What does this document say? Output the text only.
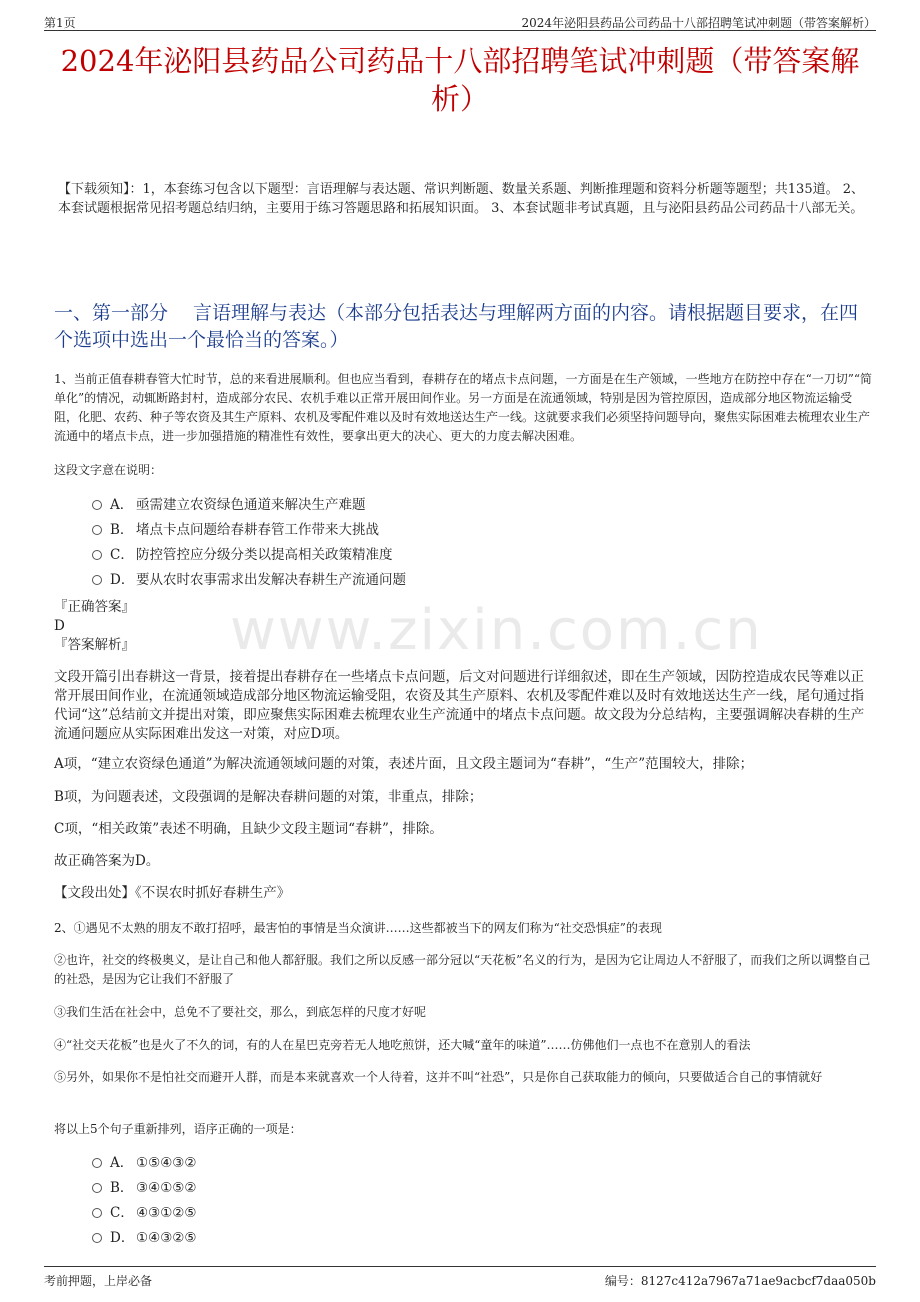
第1页	2024年泌阳县药品公司药品十八部招聘笔试冲刺题（带答案解析）
2024年泌阳县药品公司药品十八部招聘笔试冲刺题（带答案解析）

【下载须知】：1，本套练习包含以下题型：言语理解与表达题、常识判断题、数量关系题、判断推理题和资料分析题等题型；共135道。 2、本套试题根据常见招考题总结归纳，主要用于练习答题思路和拓展知识面。 3、本套试题非考试真题，且与泌阳县药品公司药品十八部无关。

一、第一部分　 言语理解与表达（本部分包括表达与理解两方面的内容。请根据题目要求，在四个选项中选出一个最恰当的答案。）

1、当前正值春耕春管大忙时节，总的来看进展顺利。但也应当看到，春耕存在的堵点卡点问题，一方面是在生产领域，一些地方在防控中存在“一刀切”“简单化”的情况，动辄断路封村，造成部分农民、农机手难以正常开展田间作业。另一方面是在流通领域，特别是因为管控原因，造成部分地区物流运输受阻，化肥、农药、种子等农资及其生产原料、农机及零配件难以及时有效地送达生产一线。这就要求我们必须坚持问题导向，聚焦实际困难去梳理农业生产流通中的堵点卡点，进一步加强措施的精准性有效性，要拿出更大的决心、更大的力度去解决困难。

这段文字意在说明：

A． 亟需建立农资绿色通道来解决生产难题
B． 堵点卡点问题给春耕春管工作带来大挑战
C． 防控管控应分级分类以提高相关政策精准度
D． 要从农时农事需求出发解决春耕生产流通问题

『正确答案』

D

『答案解析』 www.zixin.com.cn

文段开篇引出春耕这一背景，接着提出春耕存在一些堵点卡点问题，后文对问题进行详细叙述，即在生产领域，因防控造成农民等难以正常开展田间作业，在流通领域造成部分地区物流运输受阻，农资及其生产原料、农机及零配件难以及时有效地送达生产一线，尾句通过指代词“这”总结前文并提出对策，即应聚焦实际困难去梳理农业生产流通中的堵点卡点问题。故文段为分总结构，主要强调解决春耕的生产流通问题应从实际困难出发这一对策，对应D项。

A项，“建立农资绿色通道”为解决流通领域问题的对策，表述片面，且文段主题词为“春耕”，“生产”范围较大，排除；

B项，为问题表述，文段强调的是解决春耕问题的对策，非重点，排除；

C项，“相关政策”表述不明确，且缺少文段主题词“春耕”，排除。

故正确答案为D。

【文段出处】《不误农时抓好春耕生产》

2、①遇见不太熟的朋友不敢打招呼，最害怕的事情是当众演讲……这些都被当下的网友们称为“社交恐惧症”的表现

②也许，社交的终极奥义，是让自己和他人都舒服。我们之所以反感一部分冠以“天花板”名义的行为，是因为它让周边人不舒服了，而我们之所以调整自己的社恐，是因为它让我们不舒服了

③我们生活在社会中，总免不了要社交，那么，到底怎样的尺度才好呢

④“社交天花板”也是火了不久的词，有的人在星巴克旁若无人地吃煎饼，还大喊“童年的味道”……仿佛他们一点也不在意别人的看法

⑤另外，如果你不是怕社交而避开人群，而是本来就喜欢一个人待着，这并不叫“社恐”，只是你自己获取能力的倾向，只要做适合自己的事情就好

将以上5个句子重新排列，语序正确的一项是：

A． ①⑤④③②
B． ③④①⑤②
C． ④③①②⑤
D． ①④③②⑤
考前押题，上岸必备	编号：8127c412a7967a71ae9acbcf7daa050b
